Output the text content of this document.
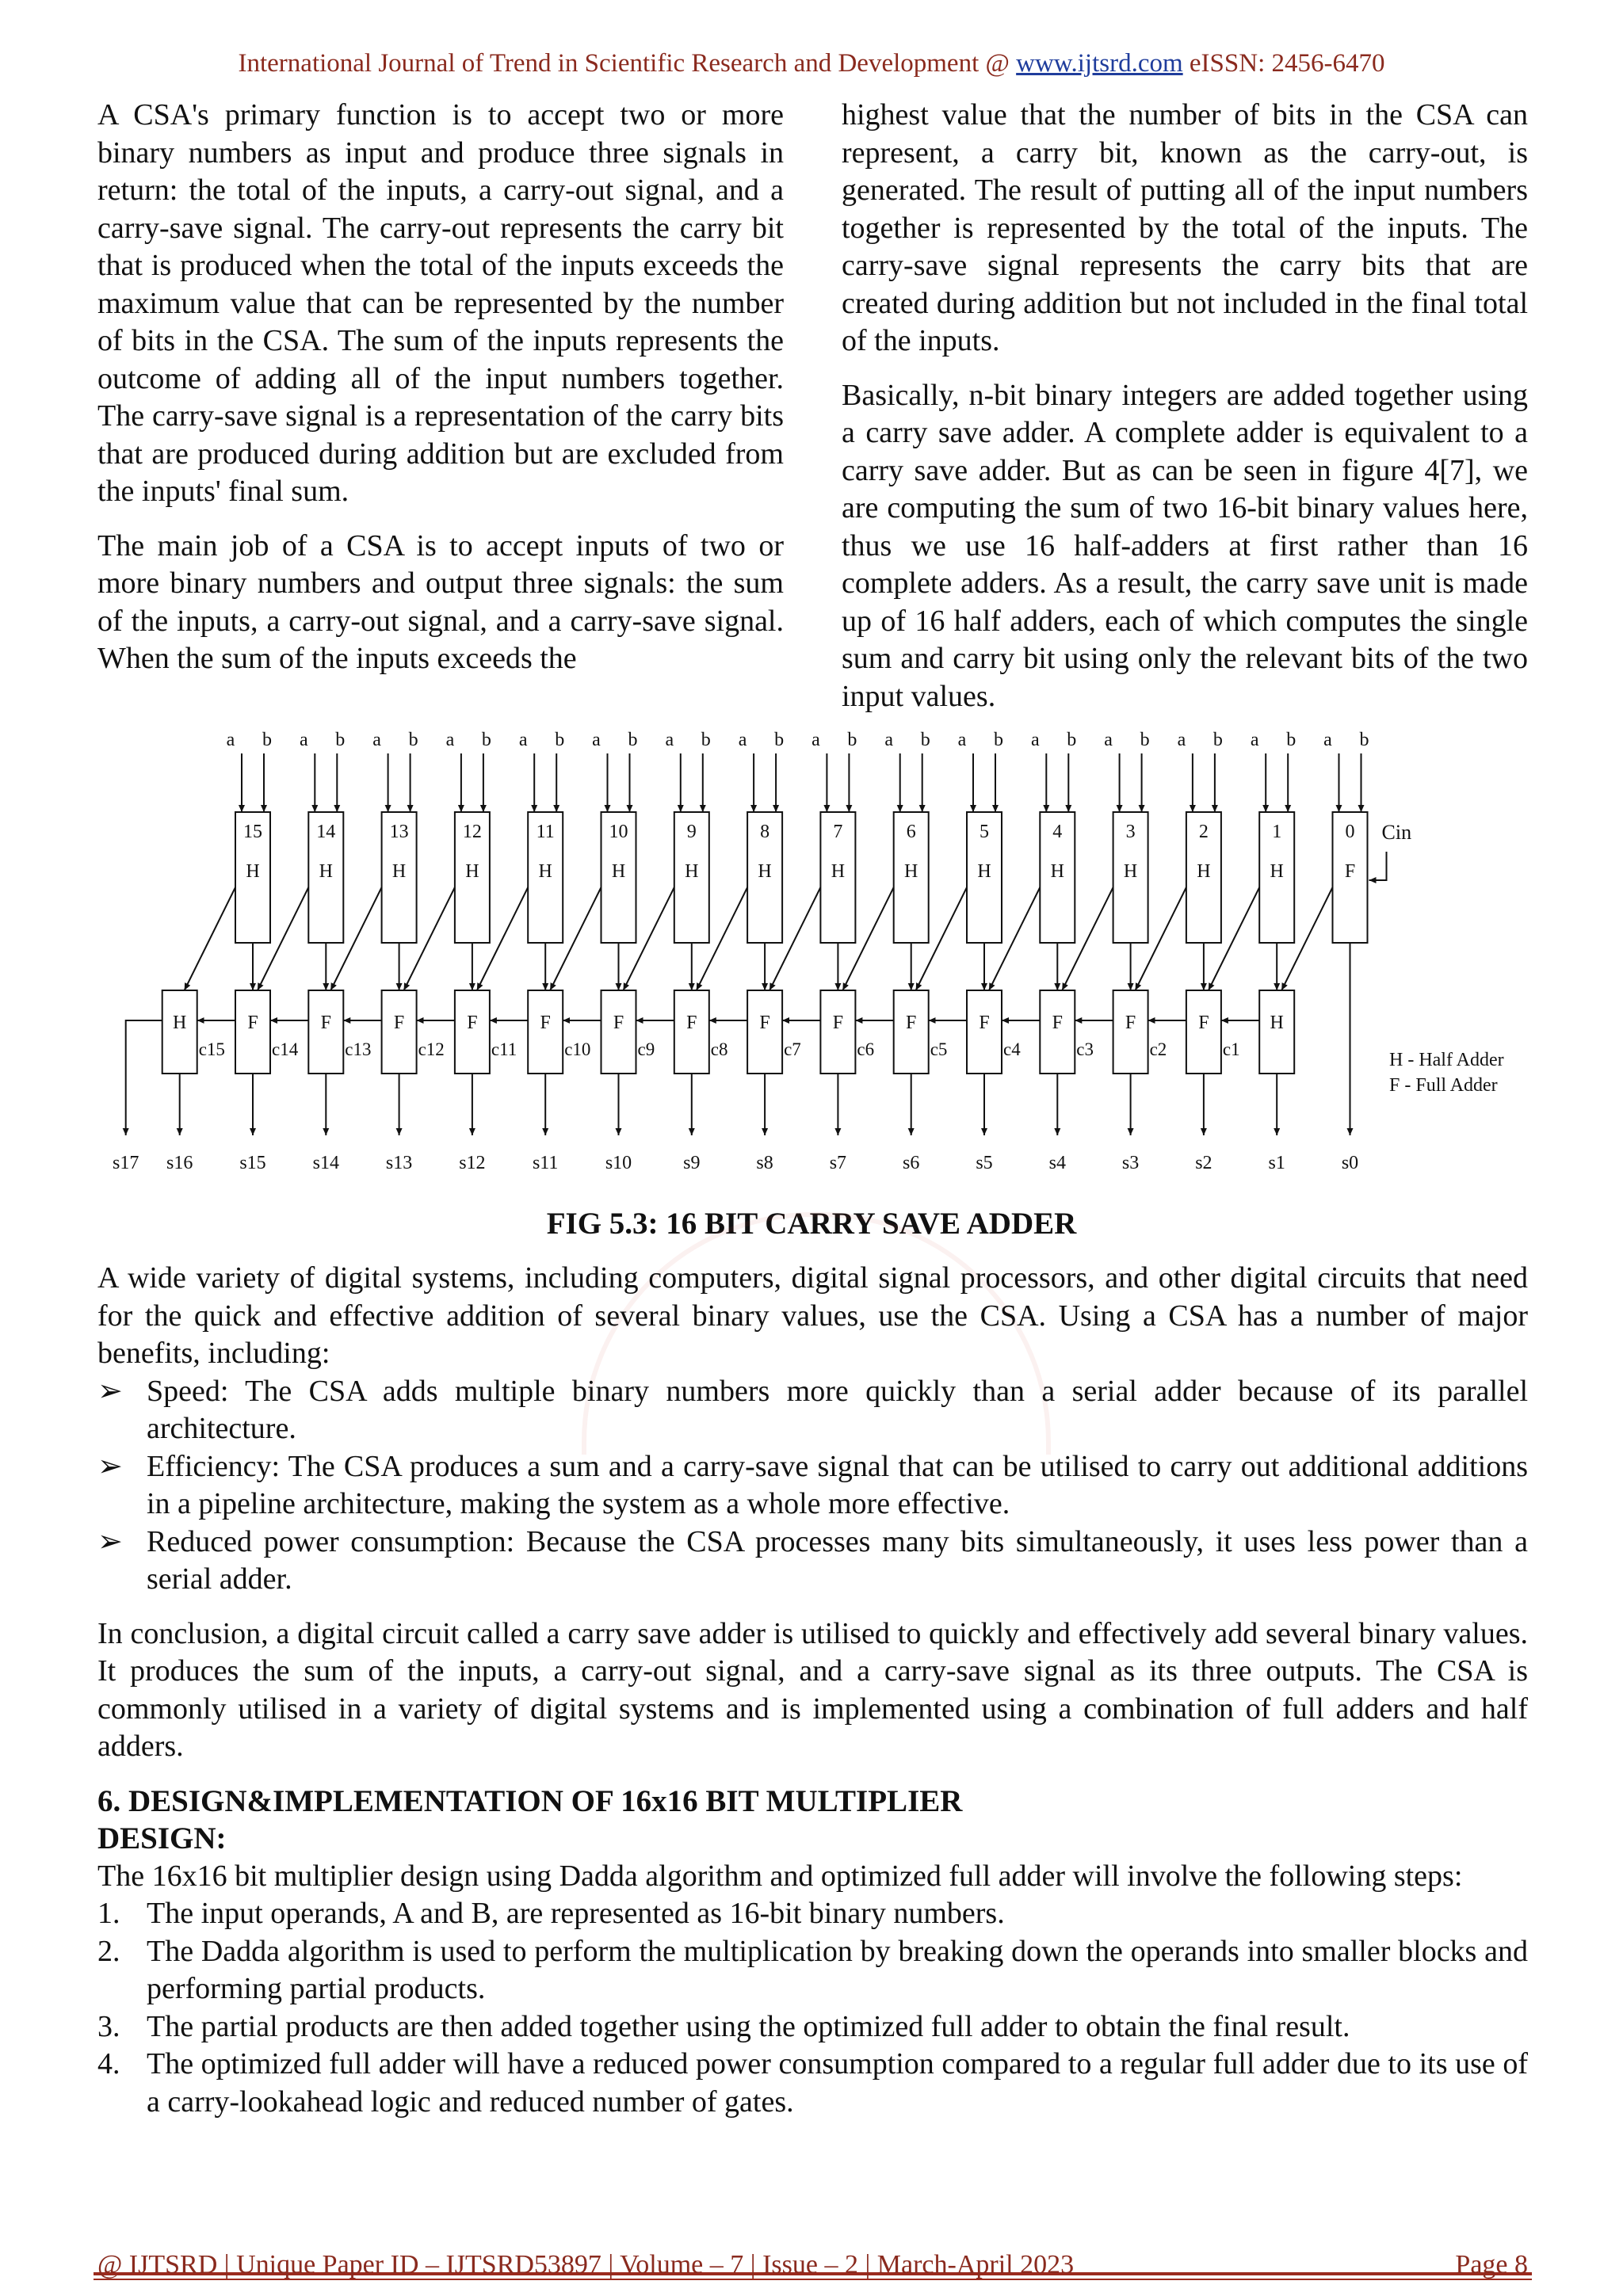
International Journal of Trend in Scientific Research and Development @ www.ijtsrd.com eISSN: 2456-6470

A CSA's primary function is to accept two or more binary numbers as input and produce three signals in return: the total of the inputs, a carry-out signal, and a carry-save signal. The carry-out represents the carry bit that is produced when the total of the inputs exceeds the maximum value that can be represented by the number of bits in the CSA. The sum of the inputs represents the outcome of adding all of the input numbers together. The carry-save signal is a representation of the carry bits that are produced during addition but are excluded from the inputs' final sum.

The main job of a CSA is to accept inputs of two or more binary numbers and output three signals: the sum of the inputs, a carry-out signal, and a carry-save signal. When the sum of the inputs exceeds the

highest value that the number of bits in the CSA can represent, a carry bit, known as the carry-out, is generated. The result of putting all of the input numbers together is represented by the total of the inputs. The carry-save signal represents the carry bits that are created during addition but not included in the final total of the inputs.

Basically, n-bit binary integers are added together using a carry save adder. A complete adder is equivalent to a carry save adder. But as can be seen in figure 4[7], we are computing the sum of two 16-bit binary values here, thus we use 16 half-adders at first rather than 16 complete adders. As a result, the carry save unit is made up of 16 half adders, each of which computes the single sum and carry bit using only the relevant bits of the two input values.

a b
15
H
a b
14
H
a b
13
H
a b
12
H
a b
11
H
a b
10
H
a b
9
H
a b
8
H
a b
7
H
a b
6
H
a b
5
H
a b
4
H
a b
3
H
a b
2
H
a b
1
H
a b
0
F
H
c15
F
c14
F
c13
F
c12
F
c11
F
c10
F
c9
F
c8
F
c7
F
c6
F
c5
F
c4
F
c3
F
c2
F
c1
H
Cin
s17 s16 s15 s14 s13 s12 s11 s10	s9	s8	s7	s6	s5	s4	s3	s2	s1	s0
H - Half Adder
F - Full Adder
FIG 5.3: 16 BIT CARRY SAVE ADDER

A wide variety of digital systems, including computers, digital signal processors, and other digital circuits that need for the quick and effective addition of several binary values, use the CSA. Using a CSA has a number of major benefits, including:

➢ Speed: The CSA adds multiple binary numbers more quickly than a serial adder because of its parallel architecture.
➢ Efficiency: The CSA produces a sum and a carry-save signal that can be utilised to carry out additional additions in a pipeline architecture, making the system as a whole more effective.
➢ Reduced power consumption: Because the CSA processes many bits simultaneously, it uses less power than a serial adder.

In conclusion, a digital circuit called a carry save adder is utilised to quickly and effectively add several binary values. It produces the sum of the inputs, a carry-out signal, and a carry-save signal as its three outputs. The CSA is commonly utilised in a variety of digital systems and is implemented using a combination of full adders and half adders.

6. DESIGN&IMPLEMENTATION OF 16x16 BIT MULTIPLIER
DESIGN:

The 16x16 bit multiplier design using Dadda algorithm and optimized full adder will involve the following steps:

1. The input operands, A and B, are represented as 16-bit binary numbers.
2. The Dadda algorithm is used to perform the multiplication by breaking down the operands into smaller blocks and performing partial products.
3. The partial products are then added together using the optimized full adder to obtain the final result.
4. The optimized full adder will have a reduced power consumption compared to a regular full adder due to its use of a carry-lookahead logic and reduced number of gates.
@ IJTSRD | Unique Paper ID – IJTSRD53897 | Volume – 7 | Issue – 2 | March-April 2023	Page 8
